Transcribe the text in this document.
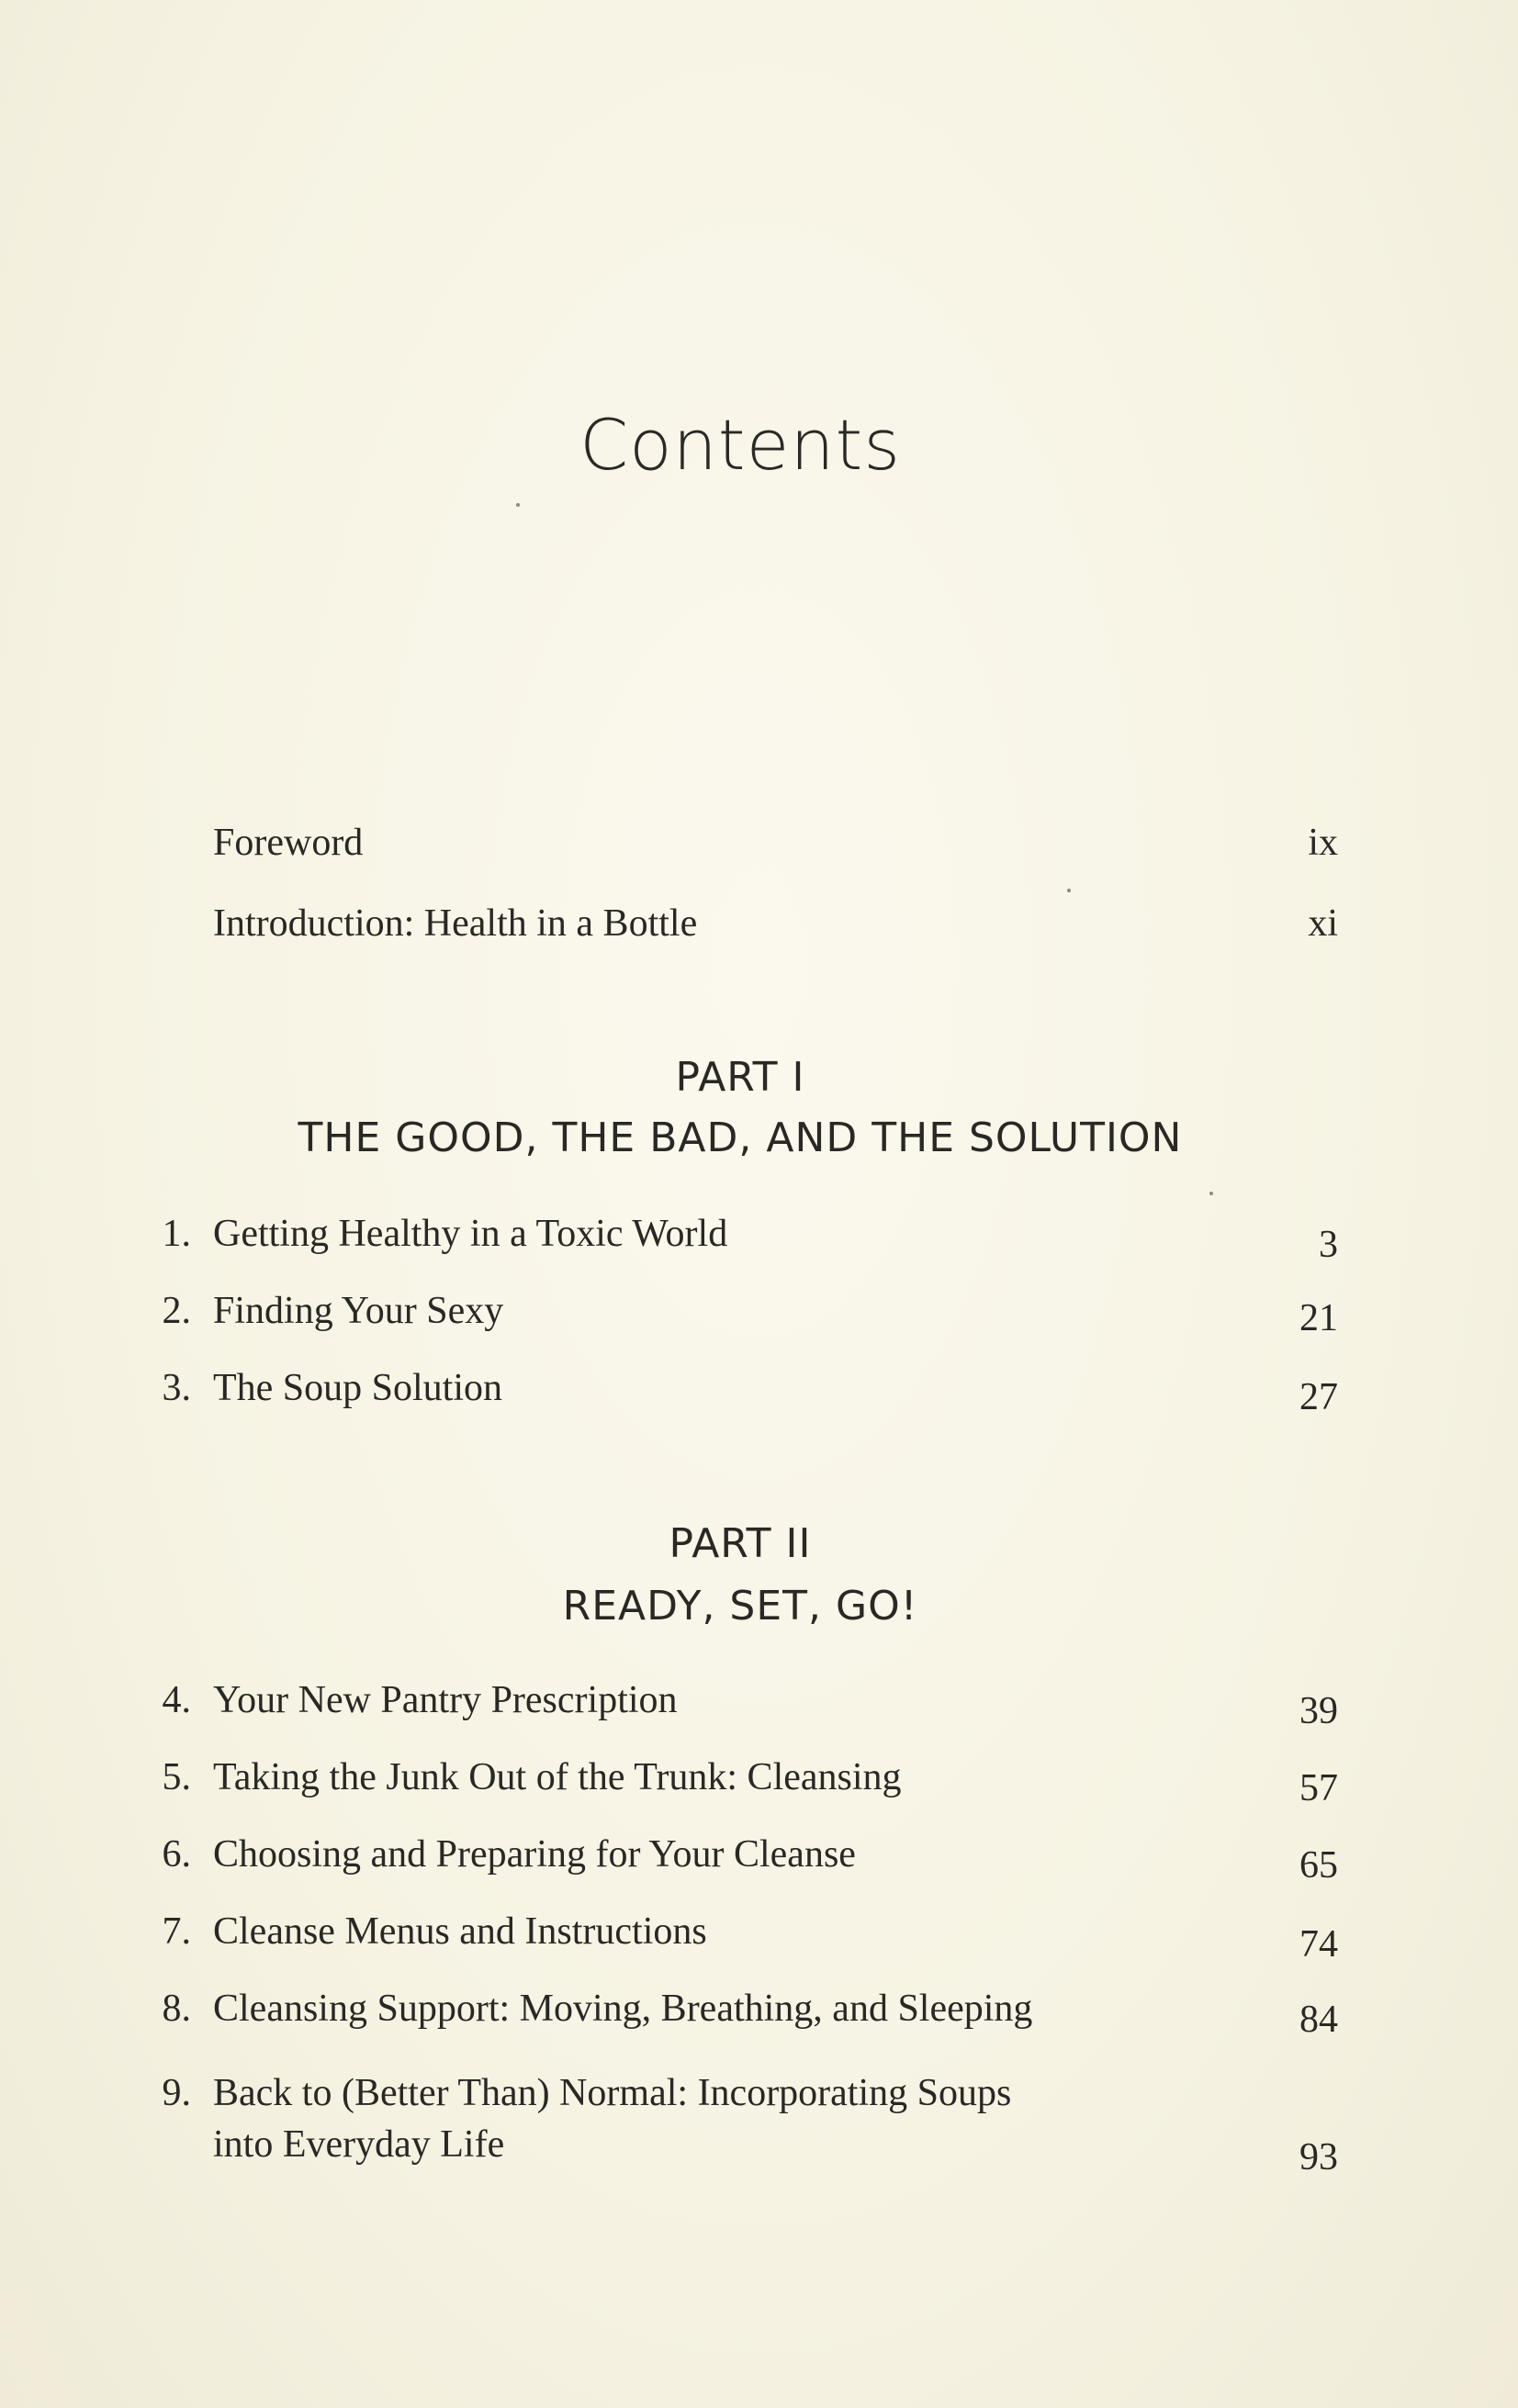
Contents
Foreword	ix
Introduction: Health in a Bottle	xi
PART I
THE GOOD, THE BAD, AND THE SOLUTION
1. Getting Healthy in a Toxic World	3
2. Finding Your Sexy	21
3. The Soup Solution	27
PART II
READY, SET, GO!
4. Your New Pantry Prescription	39
5. Taking the Junk Out of the Trunk: Cleansing	57
6. Choosing and Preparing for Your Cleanse	65
7. Cleanse Menus and Instructions	74
8. Cleansing Support: Moving, Breathing, and Sleeping	84
9. Back to (Better Than) Normal: Incorporating Soups
into Everyday Life	93
